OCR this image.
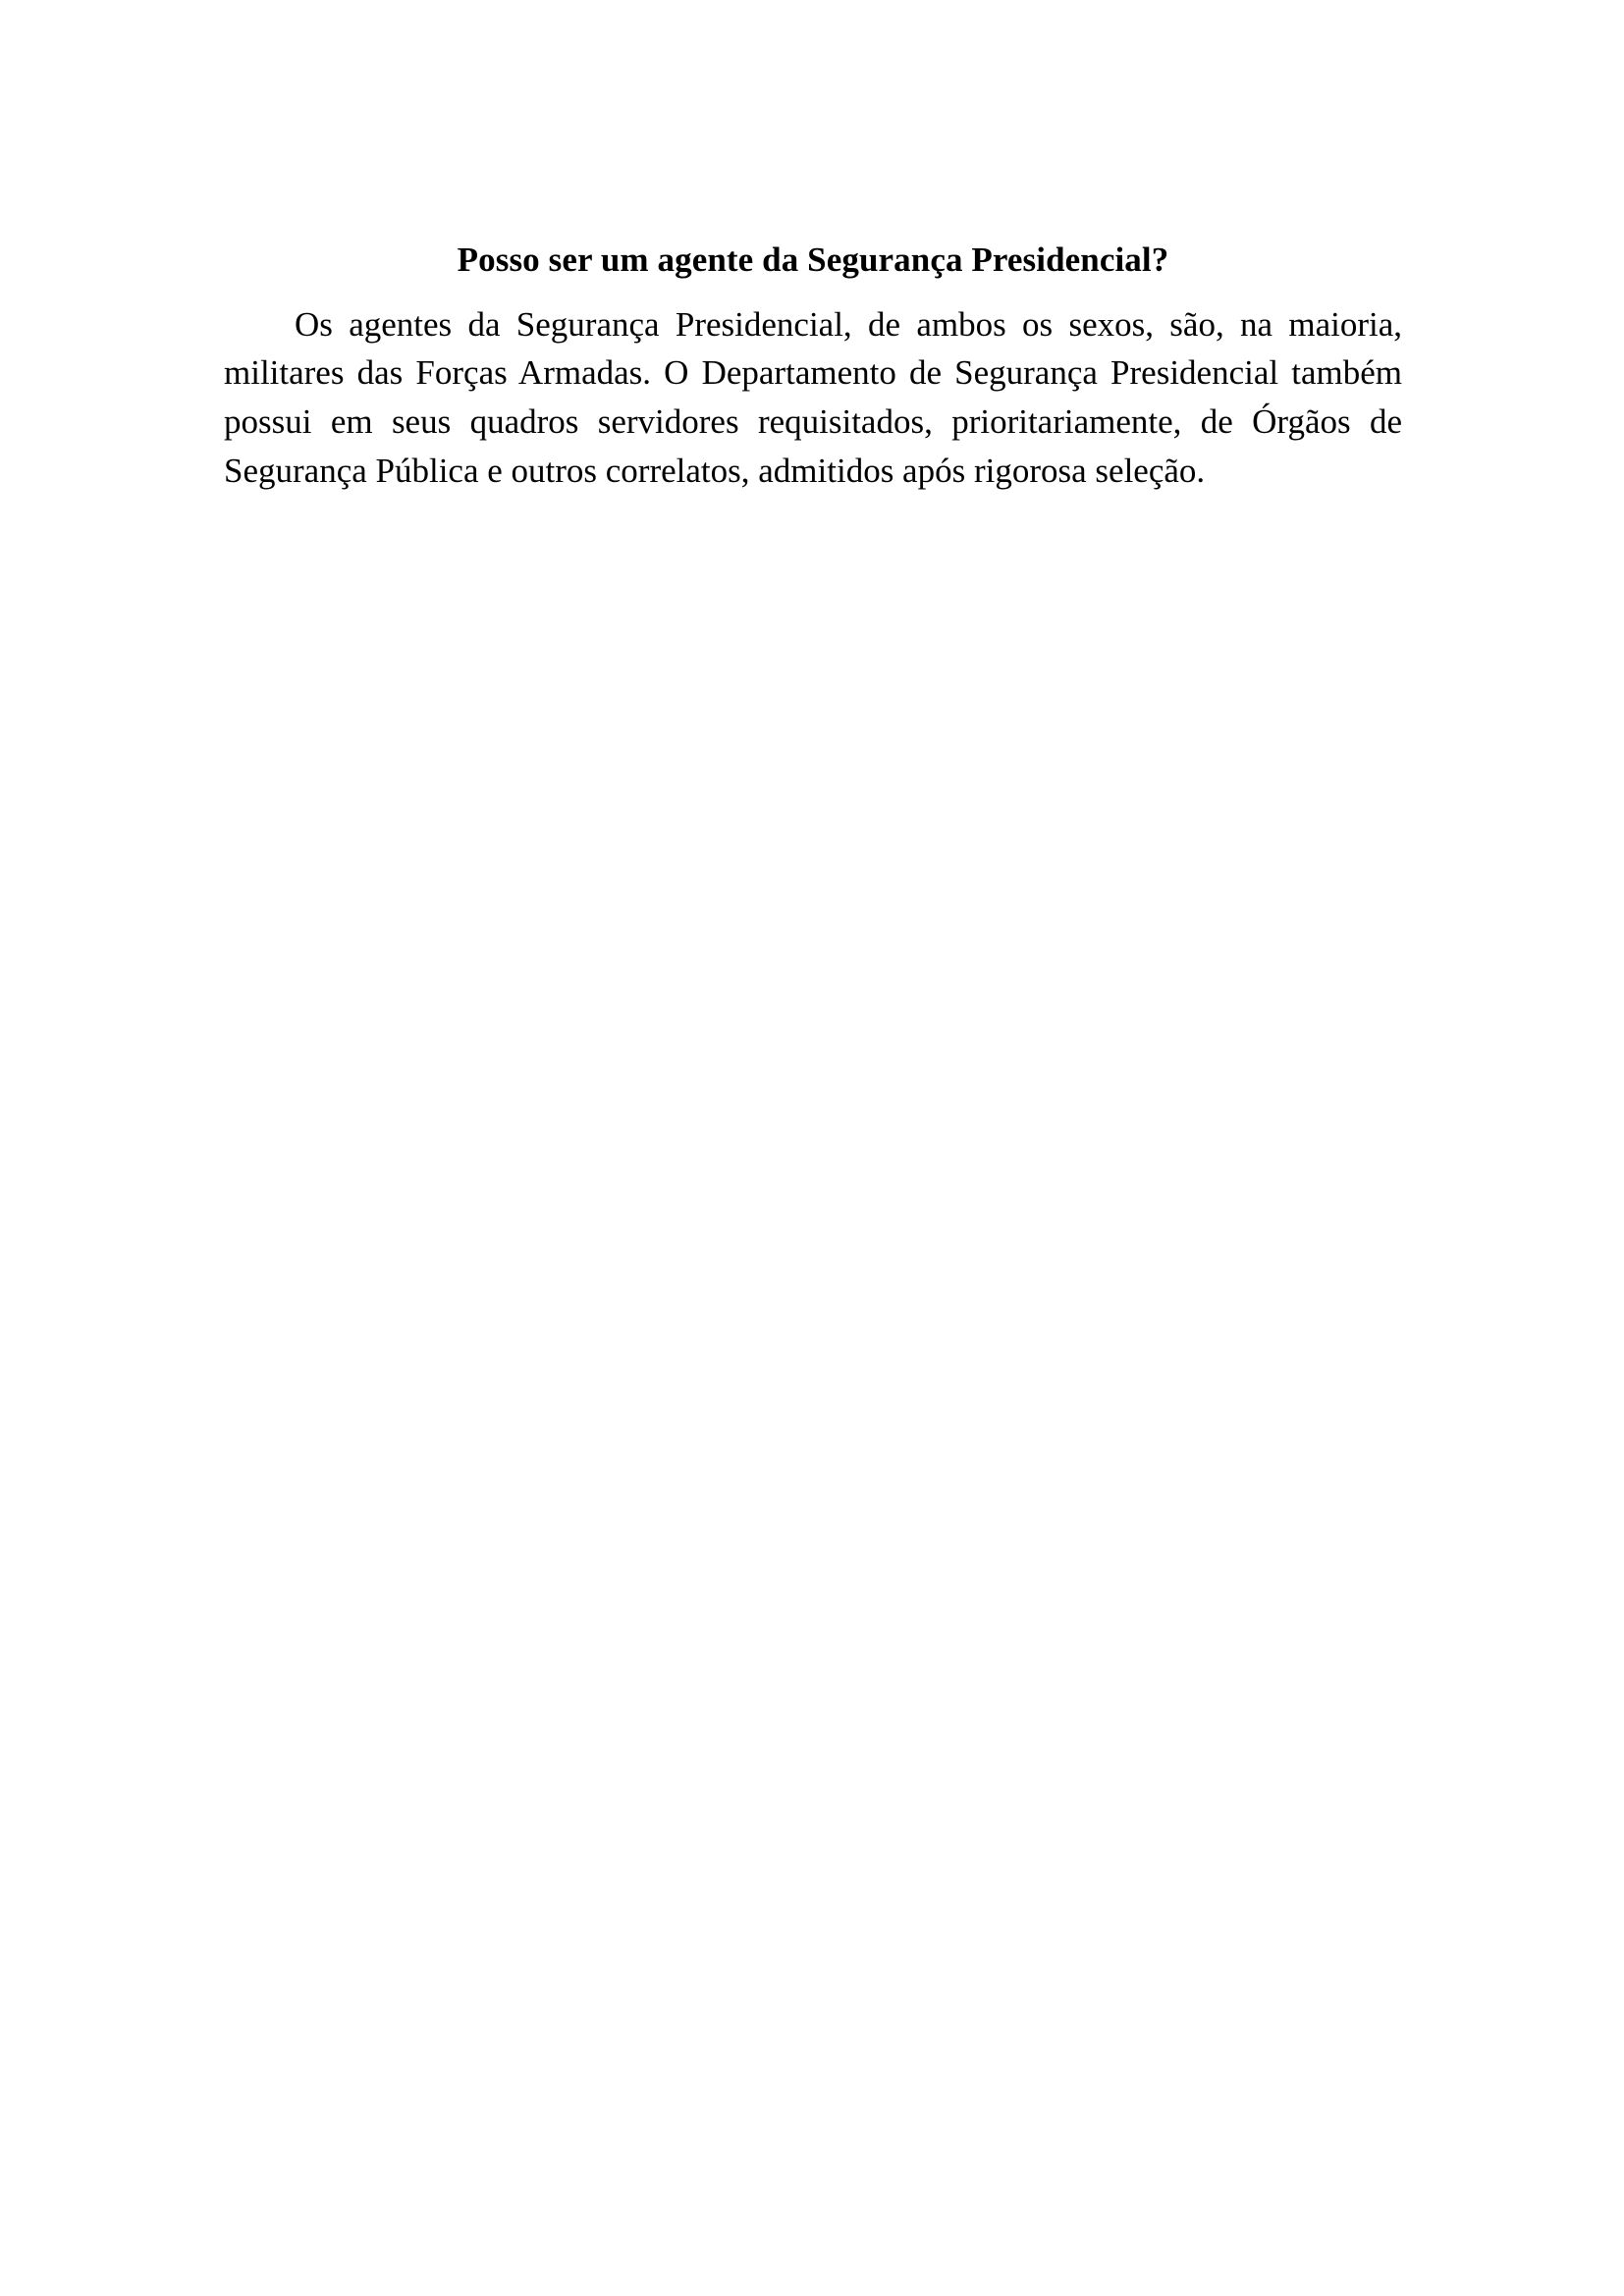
Posso ser um agente da Segurança Presidencial?

Os agentes da Segurança Presidencial, de ambos os sexos, são, na maioria, militares das Forças Armadas. O Departamento de Segurança Presidencial também possui em seus quadros servidores requisitados, prioritariamente, de Órgãos de Segurança Pública e outros correlatos, admitidos após rigorosa seleção.
